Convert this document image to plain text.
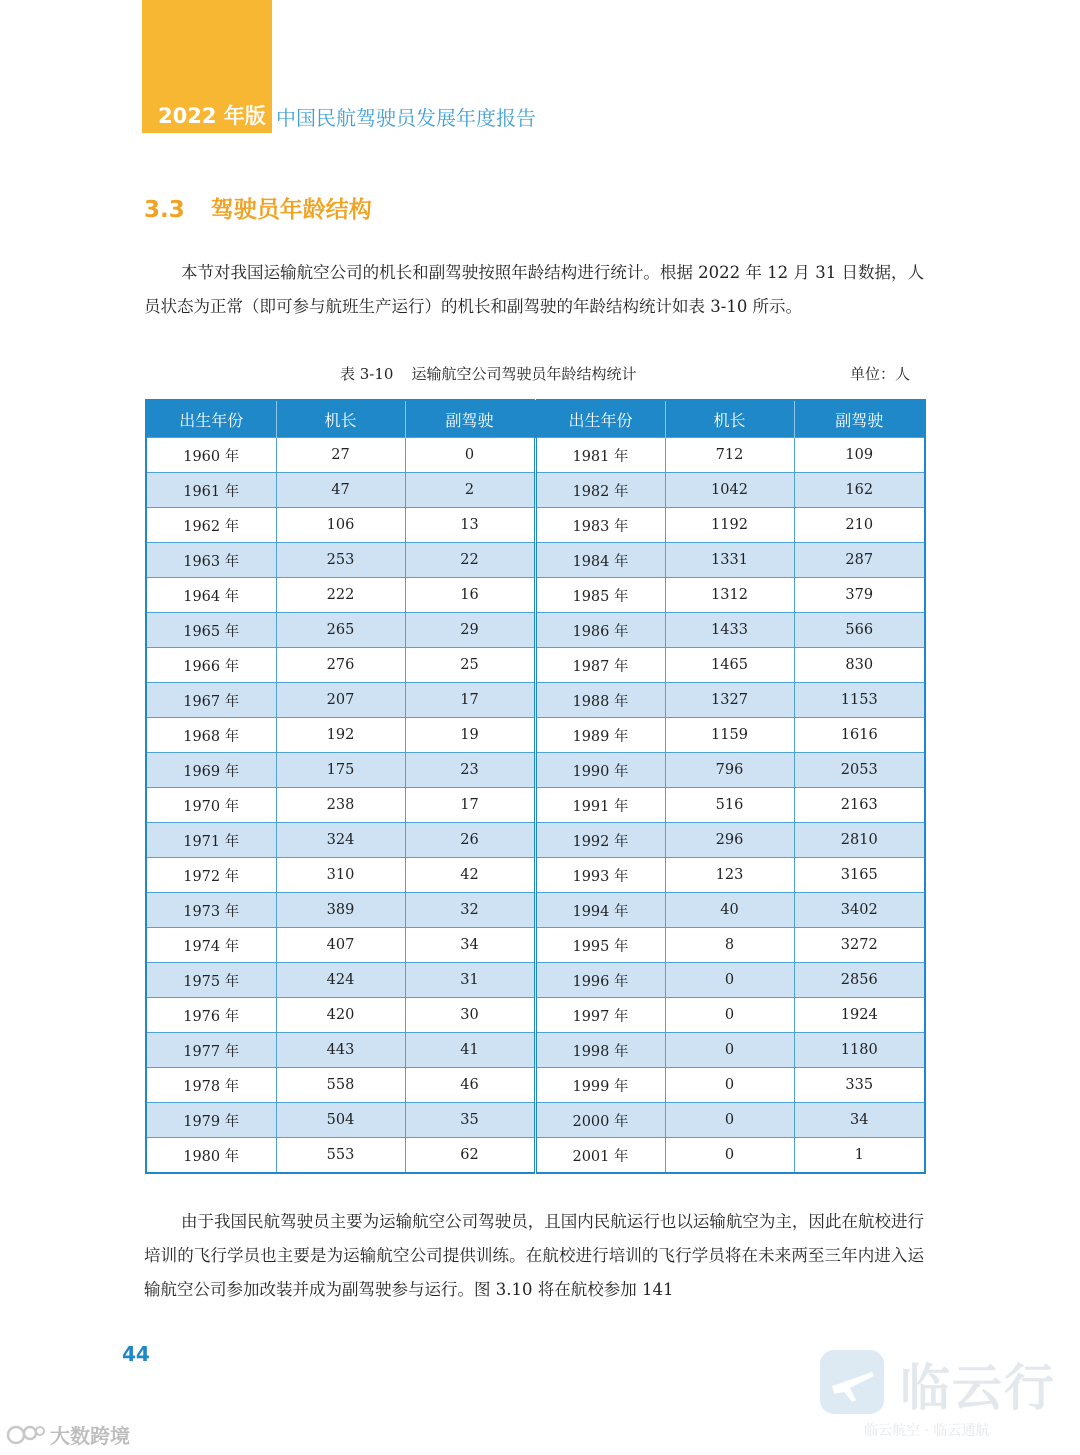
2022 年版 中国民航驾驶员发展年度报告
3.3 驾驶员年龄结构

本节对我国运输航空公司的机长和副驾驶按照年龄结构进行统计。根据 2022 年 12 月 31 日数据，人员状态为正常（即可参与航班生产运行）的机长和副驾驶的年龄结构统计如表 3-10 所示。

表 3-10 运输航空公司驾驶员年龄结构统计	单位：人
出生年份	机长	副驾驶	出生年份	机长	副驾驶
1960 年	27	0	1981 年	712	109
1961 年	47	2	1982 年	1042	162
1962 年	106	13	1983 年	1192	210
1963 年	253	22	1984 年	1331	287
1964 年	222	16	1985 年	1312	379
1965 年	265	29	1986 年	1433	566
1966 年	276	25	1987 年	1465	830
1967 年	207	17	1988 年	1327	1153
1968 年	192	19	1989 年	1159	1616
1969 年	175	23	1990 年	796	2053
1970 年	238	17	1991 年	516	2163
1971 年	324	26	1992 年	296	2810
1972 年	310	42	1993 年	123	3165
1973 年	389	32	1994 年	40	3402
1974 年	407	34	1995 年	8	3272
1975 年	424	31	1996 年	0	2856
1976 年	420	30	1997 年	0	1924
1977 年	443	41	1998 年	0	1180
1978 年	558	46	1999 年	0	335
1979 年	504	35	2000 年	0	34
1980 年	553	62	2001 年	0	1

由于我国民航驾驶员主要为运输航空公司驾驶员，且国内民航运行也以运输航空为主，因此在航校进行培训的飞行学员也主要是为运输航空公司提供训练。在航校进行培训的飞行学员将在未来两至三年内进入运输航空公司参加改装并成为副驾驶参与运行。图 3.10 将在航校参加 141

44
大数跨境
临云行
临云航空 · 临云通航
